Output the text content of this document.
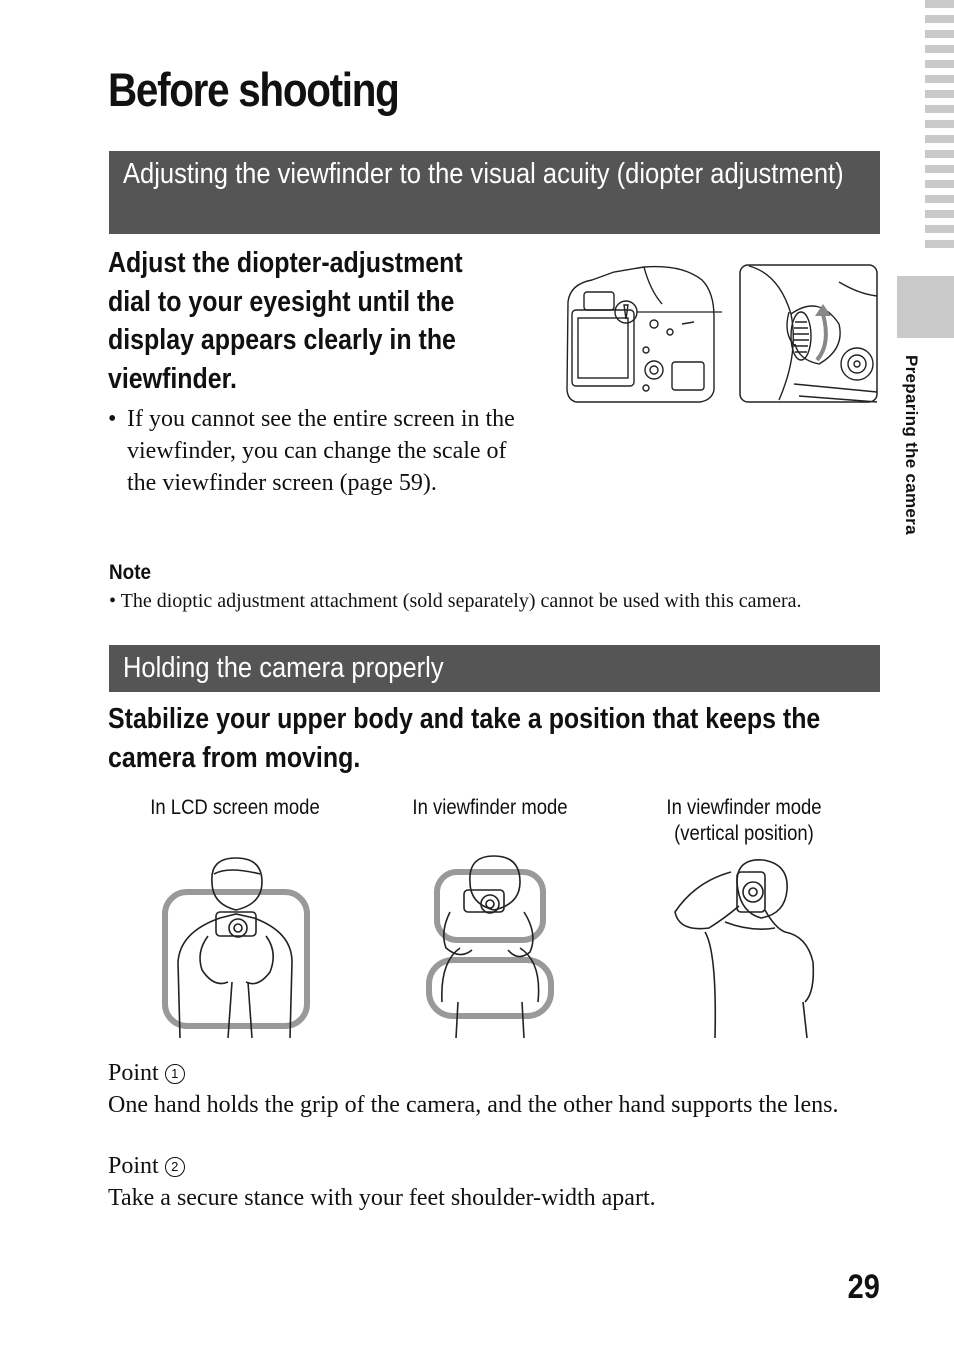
Preparing the camera
Before shooting
Adjusting the viewfinder to the visual acuity (diopter adjustment)
Adjust the diopter-adjustment
dial to your eyesight until the
display appears clearly in the
viewfinder.
• If you cannot see the entire screen in the viewfinder, you can change the scale of the viewfinder screen (page 59).
Note
• The dioptic adjustment attachment (sold separately) cannot be used with this camera.
Holding the camera properly
Stabilize your upper body and take a position that keeps the
camera from moving.
In LCD screen mode	In viewfinder mode	In viewfinder mode (vertical position)
Point 1
One hand holds the grip of the camera, and the other hand supports the lens.
Point 2
Take a secure stance with your feet shoulder-width apart.
29
